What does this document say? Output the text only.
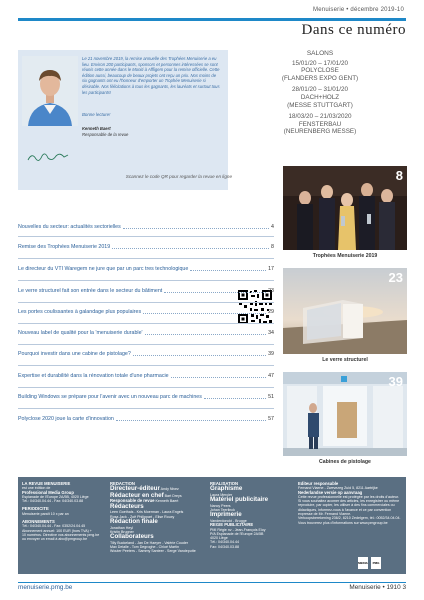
Menuiserie • décembre 2019-10
Dans ce numéro
Le 21 novembre 2019, la remise annuelle des Trophées Menuiserie a eu lieu. Environ 200 participants, sponsors et personnes intéressées se sont réunis cette année dans le Moniti à Affligem pour la remise officielle. Cette édition aussi, beaucoup de beaux projets ont reçu un prix. Nos moins de six gagnants ont eu l'honneur d'emporter un Trophée Menuiserie si désirable. Nos félicitations à tous les gagnants, les lauréats et surtout tous les participants!
Bonne lecture!
Kenneth Baert
Responsable de la revue
Scannez le code QR pour regarder la revue en ligne
SALONS
15/01/20 – 17/01/20
POLYCLOSE
(FLANDERS EXPO GENT)
28/01/20 – 31/01/20
DACH+HOLZ
(MESSE STUTTGART)
18/03/20 – 21/03/2020
FENSTERBAU
(NEURENBERG MESSE)
Nouvelles du secteur: actualités sectorielles	4
Remise des Trophées Menuiserie 2019	8
Le directeur du VTI Waregem ne jure que par un parc tres technologique	17
Le verre structurel fait son entrée dans le secteur du bâtiment	23
Les portes coulissantes à galandage plus populaires	29
Nouveau label de qualité pour la 'menuiserie durable'	34
Pourquoi investir dans une cabine de pistolage?	39
Expertise et durabilité dans la rénovation totale d'une pharmacie	47
Building Windows se prépare pour l'avenir avec un nouveau parc de machines	51
Polyclose 2020 joue la carte d'innovation	57
8
Trophées Menuiserie 2019
23
Le verre structurel
39
Cabines de pistolage
LA REVUE MENUISERIE
est une édition de
Professional Media Group
Esplanade de l'Europe 2A/5B, 4020 Liège
Tél.: 04/340.04.44 - Fax: 04/340.03.88
PERIODICITE
Menuiserie paraît 10 x par an
ABONNEMENTS
Tél.: 04/340.04.44 - Fax: 0352/24.04.45
Abonnement annuel: 100 EUR (hors TVA) +
10 numéros. Directive vos abonnements pmg.be
ou envoyer un email à abo@pmgroup.be
REDACTION
Directeur-éditeur Andy Nivez
Rédacteur en chef Bart Dreys
Responsable de revue Kenneth Baert
Rédacteurs
Leen Goethals - Kris Moerman - Laura Engels
Rosa Jack - Zoë Philippart - Elise Rouxy
Rédaction finale
Jonathan Heyl
Kristin Brugner
Collaborateurs
Tilly Buckeland - Jan De Haeyer - Valérie Couder
Max Delalle - Tom Degroghe - Chloé Martin
Wouter Peeters - Sammy Santeer - Serge Vandeputte
REALISATION
Graphisme
Laura Mercier
Matériel publicitaire
Nancy Peers
Johan Teerlinck
Imprimerie
Vanderdonckt - Brugge
REGIE PUBLICITAIRE
PMI Régie nv - Jean-François Eloy
P/A Esplanade de l'Europe 2A/5B
4020 Liège
Tél.: 04/340.04.44
Fax: 04/340.03.88
Editeur responsable
Fernand Viaene - Zwevezeg Zuid 5, 8211 Aartrijke
Nederlandse versie op aanvraag
Cette revue professionnelle est protégée par les droits d'auteur. Si vous souhaitez acomer des articles, les enregistrer ou même reproduire, par copier, les utiliser à des fins commerciales ou didactiques, informez-vous à l'avance et ce par convention expresse de Mr. Fernand Viaene.
Verkoopsberekening 236/2, 8210 Zedelgem, tél.: 0052/34.04.04.
Vous trouverez plus d'informations sur www.pmgroup.be
MEDIA	PMG
menuiserie.pmg.be	Menuiserie • 1910 3
